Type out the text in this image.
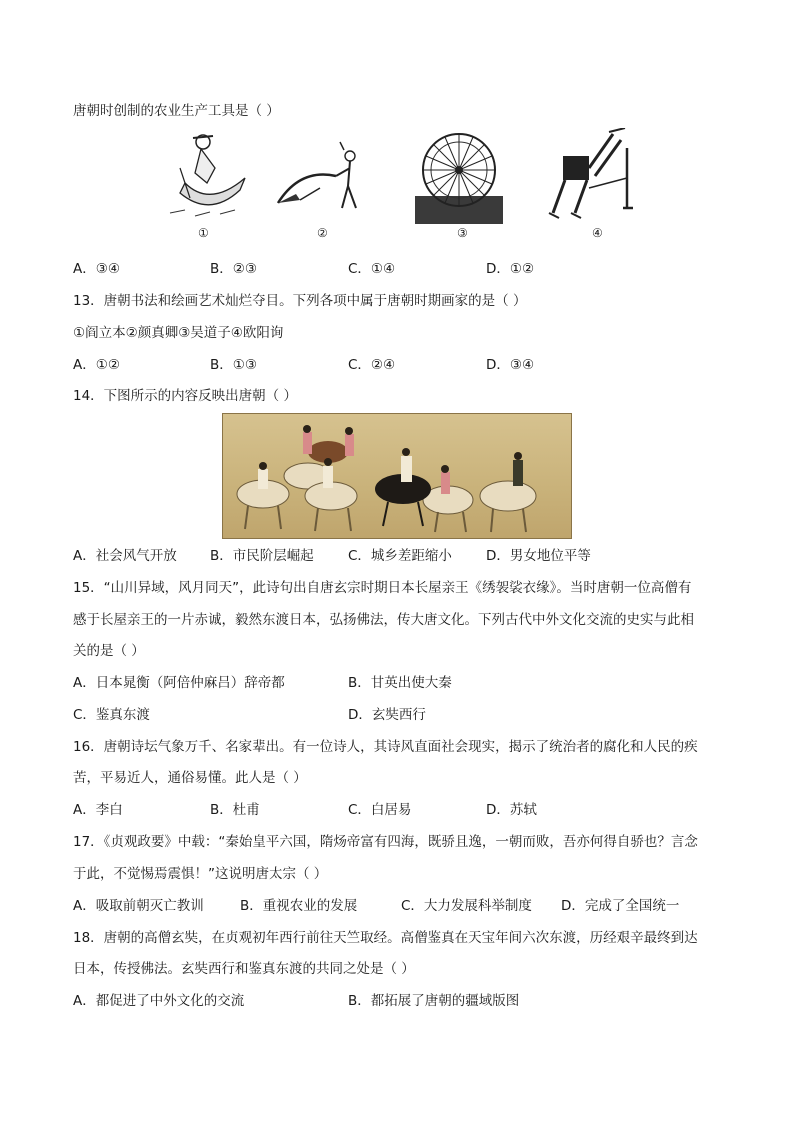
唐朝时创制的农业生产工具是（ ）
①	②	③	④
A．③④	B．②③	C．①④	D．①②
13．唐朝书法和绘画艺术灿烂夺目。下列各项中属于唐朝时期画家的是（ ）
①阎立本②颜真卿③吴道子④欧阳询
A．①②	B．①③	C．②④	D．③④
14．下图所示的内容反映出唐朝（ ）
A．社会风气开放 B．市民阶层崛起	C．城乡差距缩小	D．男女地位平等
15．“山川异域，风月同天”，此诗句出自唐玄宗时期日本长屋亲王《绣袈裟衣缘》。当时唐朝一位高僧有
感于长屋亲王的一片赤诚，毅然东渡日本，弘扬佛法，传大唐文化。下列古代中外文化交流的史实与此相
关的是（ ）
A．日本晁衡（阿倍仲麻吕）辞帝都	B．甘英出使大秦
C．鉴真东渡	D．玄奘西行
16．唐朝诗坛气象万千、名家辈出。有一位诗人，其诗风直面社会现实，揭示了统治者的腐化和人民的疾
苦，平易近人，通俗易懂。此人是（ ）
A．李白	B．杜甫	C．白居易	D．苏轼
17．《贞观政要》中载：“秦始皇平六国，隋炀帝富有四海，既骄且逸，一朝而败，吾亦何得自骄也？言念
于此，不觉惕焉震惧！”这说明唐太宗（ ）
A．吸取前朝灭亡教训	B．重视农业的发展	C．大力发展科举制度 D．完成了全国统一
18．唐朝的高僧玄奘，在贞观初年西行前往天竺取经。高僧鉴真在天宝年间六次东渡，历经艰辛最终到达
日本，传授佛法。玄奘西行和鉴真东渡的共同之处是（ ）
A．都促进了中外文化的交流	B．都拓展了唐朝的疆域版图
